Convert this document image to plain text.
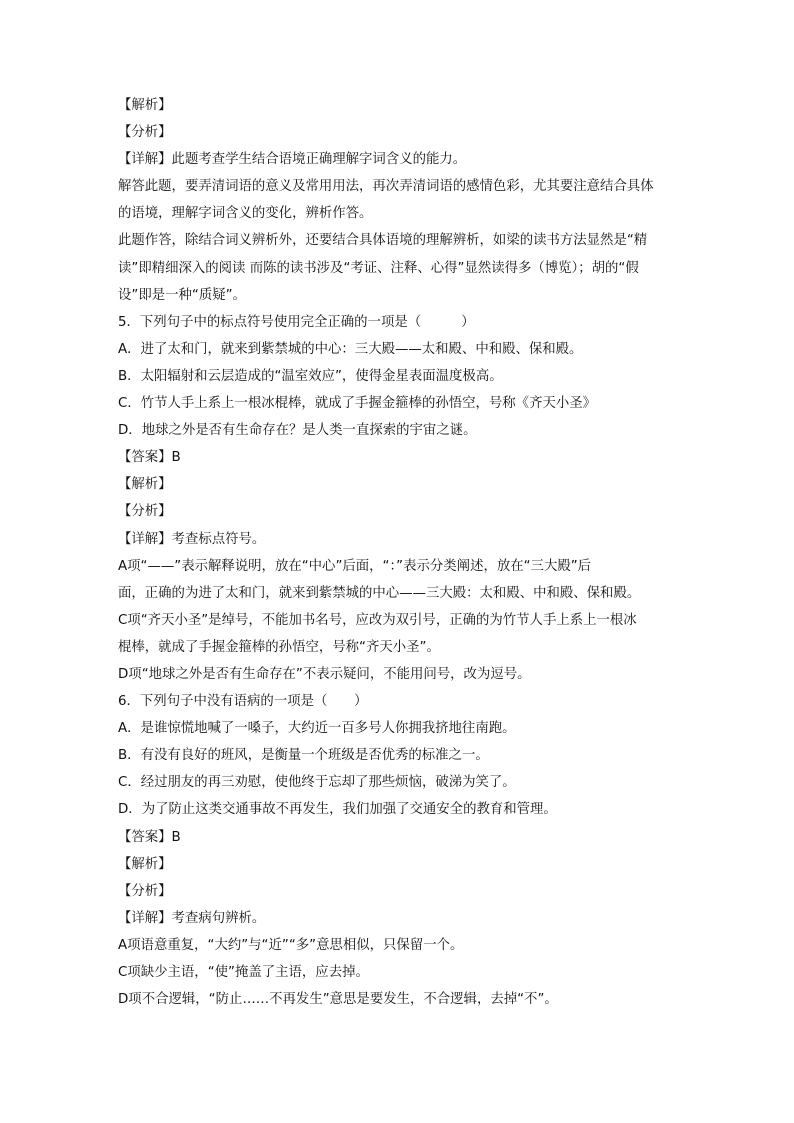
【解析】
【分析】
【详解】此题考查学生结合语境正确理解字词含义的能力。
解答此题，要弄清词语的意义及常用用法，再次弄清词语的感情色彩，尤其要注意结合具体
的语境，理解字词含义的变化，辨析作答。
此题作答，除结合词义辨析外，还要结合具体语境的理解辨析，如梁的读书方法显然是“精
读”即精细深入的阅读 而陈的读书涉及“考证、注释、心得”显然读得多（博览）；胡的“假
设”即是一种“质疑”。
5．下列句子中的标点符号使用完全正确的一项是（　　　）
A．进了太和门，就来到紫禁城的中心：三大殿——太和殿、中和殿、保和殿。
B．太阳辐射和云层造成的“温室效应”，使得金星表面温度极高。
C．竹节人手上系上一根冰棍棒，就成了手握金箍棒的孙悟空，号称《齐天小圣》
D．地球之外是否有生命存在？是人类一直探索的宇宙之谜。
【答案】B
【解析】
【分析】
【详解】考查标点符号。
A项“——”表示解释说明，放在“中心”后面，“：”表示分类阐述，放在“三大殿”后
面，正确的为进了太和门，就来到紫禁城的中心——三大殿：太和殿、中和殿、保和殿。
C项“齐天小圣”是绰号，不能加书名号，应改为双引号，正确的为竹节人手上系上一根冰
棍棒，就成了手握金箍棒的孙悟空，号称“齐天小圣”。
D项“地球之外是否有生命存在”不表示疑问，不能用问号，改为逗号。
6．下列句子中没有语病的一项是（　　）
A．是谁惊慌地喊了一嗓子，大约近一百多号人你拥我挤地往南跑。
B．有没有良好的班风，是衡量一个班级是否优秀的标准之一。
C．经过朋友的再三劝慰，使他终于忘却了那些烦恼，破涕为笑了。
D．为了防止这类交通事故不再发生，我们加强了交通安全的教育和管理。
【答案】B
【解析】
【分析】
【详解】考查病句辨析。
A项语意重复，“大约”与“近”“多”意思相似，只保留一个。
C项缺少主语，“使”掩盖了主语，应去掉。
D项不合逻辑，“防止……不再发生”意思是要发生，不合逻辑，去掉“不”。
